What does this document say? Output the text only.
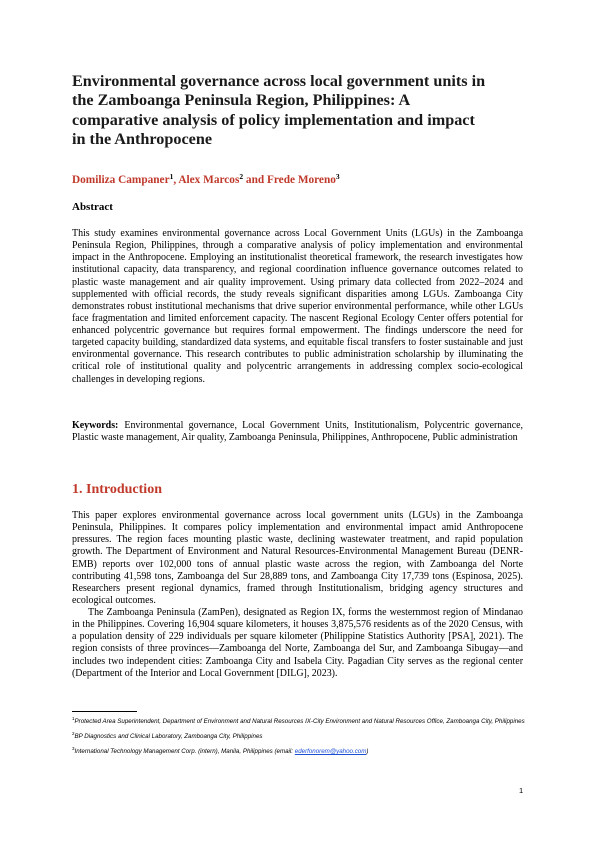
Environmental governance across local government units in the Zamboanga Peninsula Region, Philippines: A comparative analysis of policy implementation and impact in the Anthropocene

Domiliza Campaner$^1$, Alex Marcos$^2$ and Frede Moreno$^3$

Abstract

This study examines environmental governance across Local Government Units (LGUs) in the Zamboanga Peninsula Region, Philippines, through a comparative analysis of policy implementation and environmental impact in the Anthropocene. Employing an institutionalist theoretical framework, the research investigates how institutional capacity, data transparency, and regional coordination influence governance outcomes related to plastic waste management and air quality improvement. Using primary data collected from 2022–2024 and supplemented with official records, the study reveals significant disparities among LGUs. Zamboanga City demonstrates robust institutional mechanisms that drive superior environmental performance, while other LGUs face fragmentation and limited enforcement capacity. The nascent Regional Ecology Center offers potential for enhanced polycentric governance but requires formal empowerment. The findings underscore the need for targeted capacity building, standardized data systems, and equitable fiscal transfers to foster sustainable and just environmental governance. This research contributes to public administration scholarship by illuminating the critical role of institutional quality and polycentric arrangements in addressing complex socio-ecological challenges in developing regions.

Keywords: Environmental governance, Local Government Units, Institutionalism, Polycentric governance, Plastic waste management, Air quality, Zamboanga Peninsula, Philippines, Anthropocene, Public administration

1. Introduction

This paper explores environmental governance across local government units (LGUs) in the Zamboanga Peninsula, Philippines. It compares policy implementation and environmental impact amid Anthropocene pressures. The region faces mounting plastic waste, declining wastewater treatment, and rapid population growth. The Department of Environment and Natural Resources-Environmental Management Bureau (DENR-EMB) reports over 102,000 tons of annual plastic waste across the region, with Zamboanga del Norte contributing 41,598 tons, Zamboanga del Sur 28,889 tons, and Zamboanga City 17,739 tons (Espinosa, 2025). Researchers present regional dynamics, framed through Institutionalism, bridging agency structures and ecological outcomes.

The Zamboanga Peninsula (ZamPen), designated as Region IX, forms the westernmost region of Mindanao in the Philippines. Covering 16,904 square kilometers, it houses 3,875,576 residents as of the 2020 Census, with a population density of 229 individuals per square kilometer (Philippine Statistics Authority [PSA], 2021). The region consists of three provinces—Zamboanga del Norte, Zamboanga del Sur, and Zamboanga Sibugay—and includes two independent cities: Zamboanga City and Isabela City. Pagadian City serves as the regional center (Department of the Interior and Local Government [DILG], 2023).

$^1$Protected Area Superintendent, Department of Environment and Natural Resources IX-City Environment and Natural Resources Office, Zamboanga City, Philippines

$^2$BP Diagnostics and Clinical Laboratory, Zamboanga City, Philippines

$^3$International Technology Management Corp. (intern), Manila, Philippines (email: ederfonorem@yahoo.com)

1
